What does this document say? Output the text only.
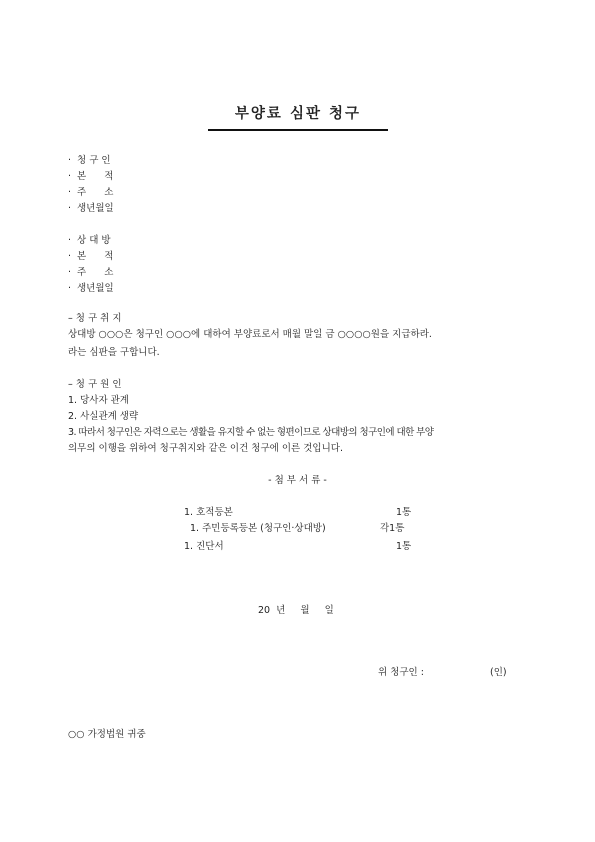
부양료 심판 청구
· 청 구 인
· 본      적
· 주      소
· 생년월일
· 상 대 방
· 본      적
· 주      소
· 생년월일
– 청 구 취 지
상대방 ○○○은 청구인 ○○○에 대하여 부양료로서 매월 말일 금 ○○○○원을 지급하라.
라는 심판을 구합니다.
– 청 구 원 인
1. 당사자 관계
2. 사실관계 생략
3. 따라서 청구인은 자력으로는 생활을 유지할 수 없는 형편이므로 상대방의 청구인에 대한 부양
의무의 이행을 위하여 청구취지와 같은 이건 청구에 이른 것입니다.
- 첨 부 서 류 -
1. 호적등본	1통
1. 주민등록등본 (청구인·상대방)	각1통
1. 진단서	1통
20  년     월     일
위 청구인 :	(인)
○○ 가정법원 귀중
